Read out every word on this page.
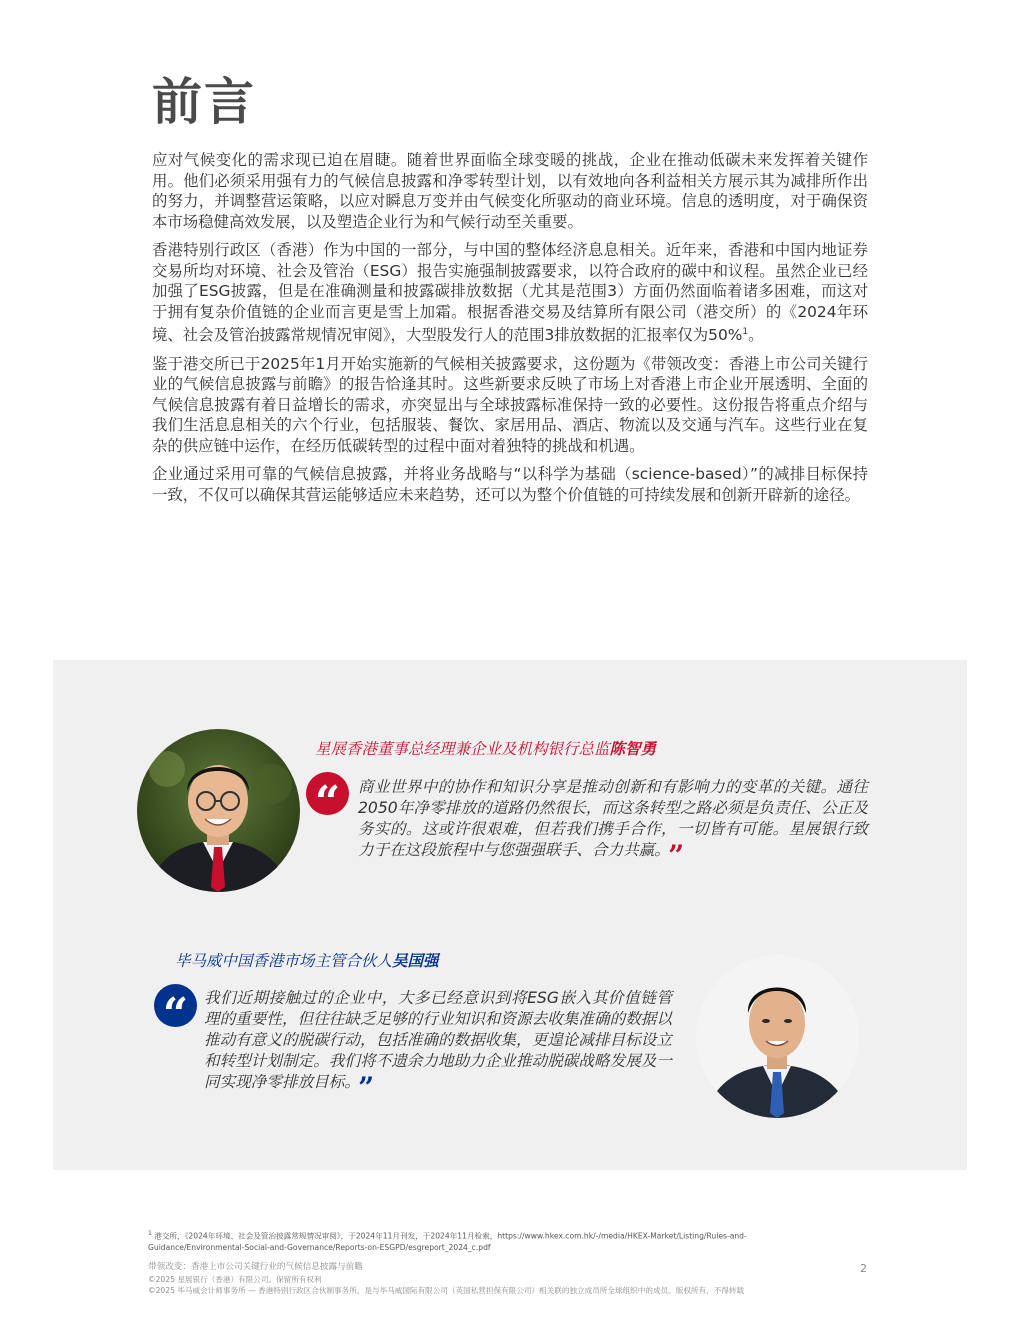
前言

应对气候变化的需求现已迫在眉睫。随着世界面临全球变暖的挑战，企业在推动低碳未来发挥着关键作用。他们必须采用强有力的气候信息披露和净零转型计划，以有效地向各利益相关方展示其为减排所作出的努力，并调整营运策略，以应对瞬息万变并由气候变化所驱动的商业环境。信息的透明度，对于确保资本市场稳健高效发展，以及塑造企业行为和气候行动至关重要。

香港特别行政区（香港）作为中国的一部分，与中国的整体经济息息相关。近年来，香港和中国内地证券交易所均对环境、社会及管治（ESG）报告实施强制披露要求，以符合政府的碳中和议程。虽然企业已经加强了ESG披露，但是在准确测量和披露碳排放数据（尤其是范围3）方面仍然面临着诸多困难，而这对于拥有复杂价值链的企业而言更是雪上加霜。根据香港交易及结算所有限公司（港交所）的《2024年环境、社会及管治披露常规情况审阅》，大型股发行人的范围3排放数据的汇报率仅为50%$^1$。

鉴于港交所已于2025年1月开始实施新的气候相关披露要求，这份题为《带领改变：香港上市公司关键行业的气候信息披露与前瞻》的报告恰逢其时。这些新要求反映了市场上对香港上市企业开展透明、全面的气候信息披露有着日益增长的需求，亦突显出与全球披露标准保持一致的必要性。这份报告将重点介绍与我们生活息息相关的六个行业，包括服装、餐饮、家居用品、酒店、物流以及交通与汽车。这些行业在复杂的供应链中运作，在经历低碳转型的过程中面对着独特的挑战和机遇。

企业通过采用可靠的气候信息披露，并将业务战略与“以科学为基础（science-based）”的减排目标保持一致，不仅可以确保其营运能够适应未来趋势，还可以为整个价值链的可持续发展和创新开辟新的途径。

星展香港董事总经理兼企业及机构银行总监陈智勇
“ 商业世界中的协作和知识分享是推动创新和有影响力的变革的关键。通往2050年净零排放的道路仍然很长，而这条转型之路必须是负责任、公正及务实的。这或许很艰难，但若我们携手合作，一切皆有可能。星展银行致力于在这段旅程中与您强强联手、合力共赢。 ”
毕马威中国香港市场主管合伙人吴国强
“ 我们近期接触过的企业中，大多已经意识到将ESG嵌入其价值链管理的重要性，但往往缺乏足够的行业知识和资源去收集准确的数据以推动有意义的脱碳行动，包括准确的数据收集，更遑论减排目标设立和转型计划制定。我们将不遗余力地助力企业推动脱碳战略发展及一同实现净零排放目标。 ”

$^1$ 港交所，《2024年环境、社会及管治披露常规情况审阅》，于2024年11月刊发，于2024年11月检索，https://www.hkex.com.hk/-/media/HKEX-Market/Listing/Rules-and-Guidance/Environmental-Social-and-Governance/Reports-on-ESGPD/esgreport_2024_c.pdf

带领改变：香港上市公司关键行业的气候信息披露与前瞻
©2025 星展银行（香港）有限公司。保留所有权利
©2025 毕马威会计师事务所 — 香港特别行政区合伙制事务所，是与毕马威国际有限公司（英国私营担保有限公司）相关联的独立成员所全球组织中的成员。版权所有，不得转载
2
